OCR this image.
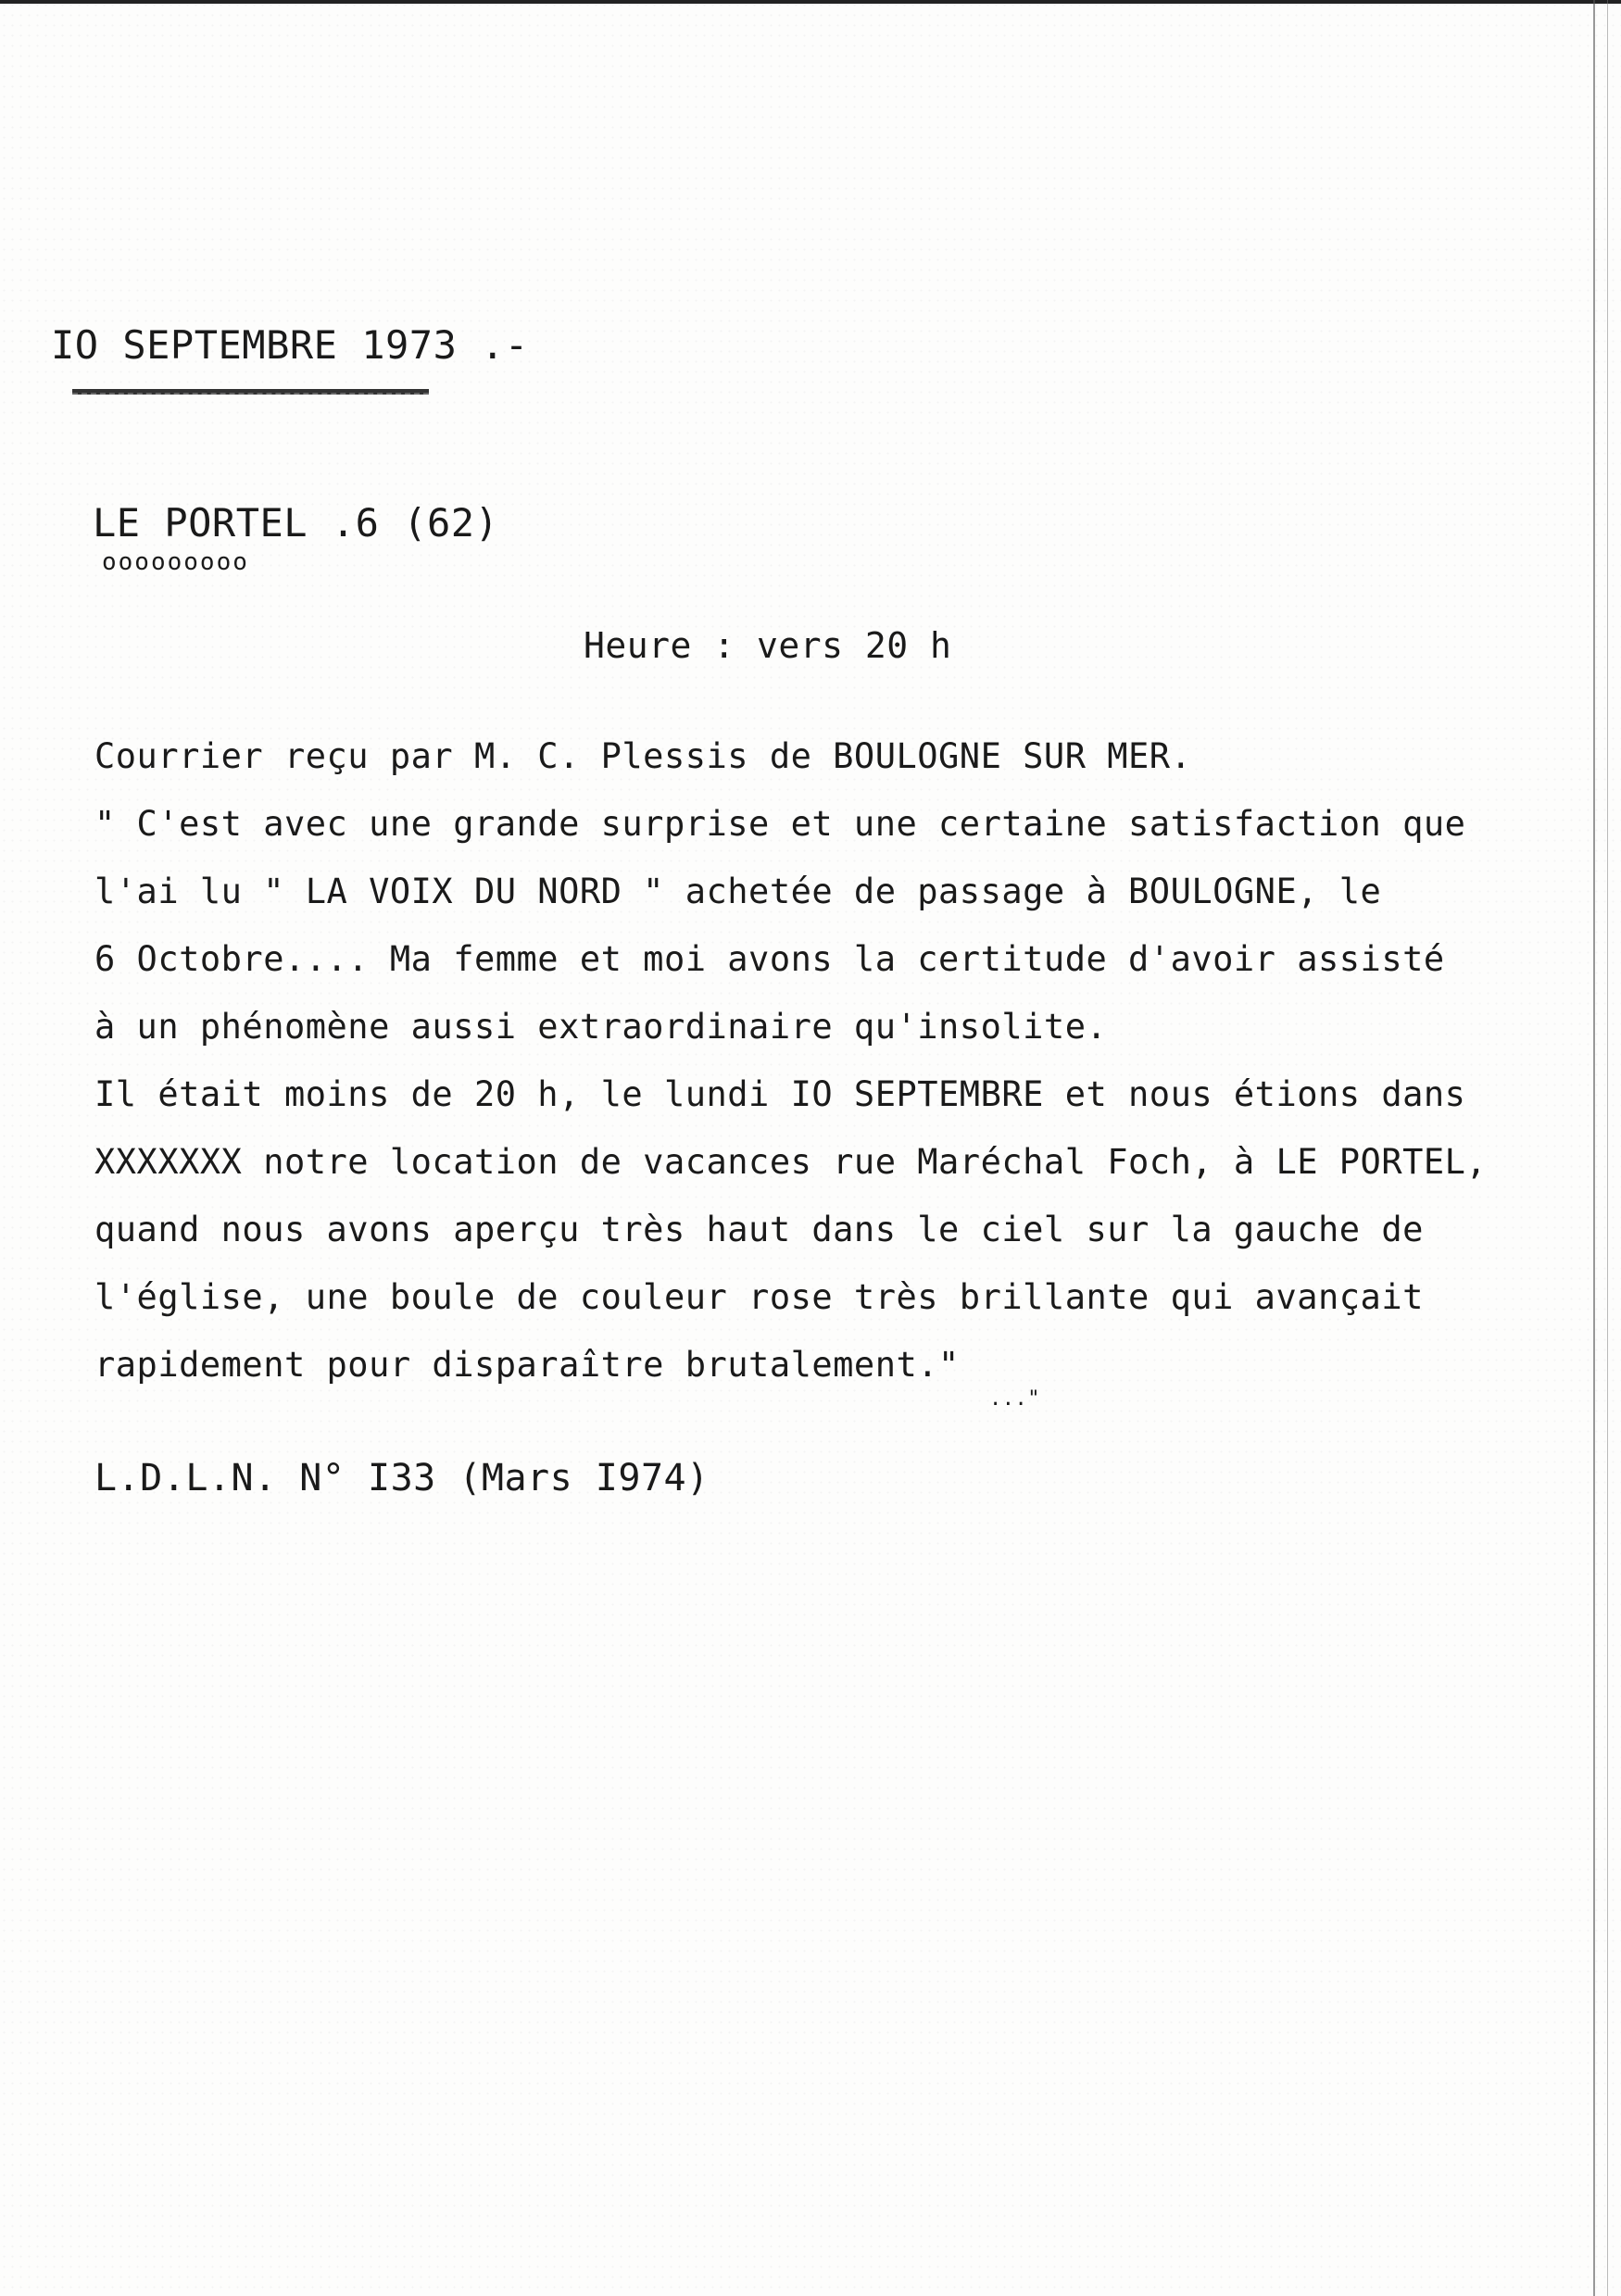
IO SEPTEMBRE 1973 .-
LE PORTEL .6 (62)
ooooooooo
Heure : vers 20 h
Courrier reçu par M. C. Plessis de BOULOGNE SUR MER.
" C'est avec une grande surprise et une certaine satisfaction que
l'ai lu " LA VOIX DU NORD " achetée de passage à BOULOGNE, le
6 Octobre.... Ma femme et moi avons la certitude d'avoir assisté
à un phénomène aussi extraordinaire qu'insolite.
Il était moins de 20 h, le lundi IO SEPTEMBRE et nous étions dans
XXXXXXX notre location de vacances rue Maréchal Foch, à LE PORTEL,
quand nous avons aperçu très haut dans le ciel sur la gauche de
l'église, une boule de couleur rose très brillante qui avançait
rapidement pour disparaître brutalement."
..."
L.D.L.N. N° I33 (Mars I974)
